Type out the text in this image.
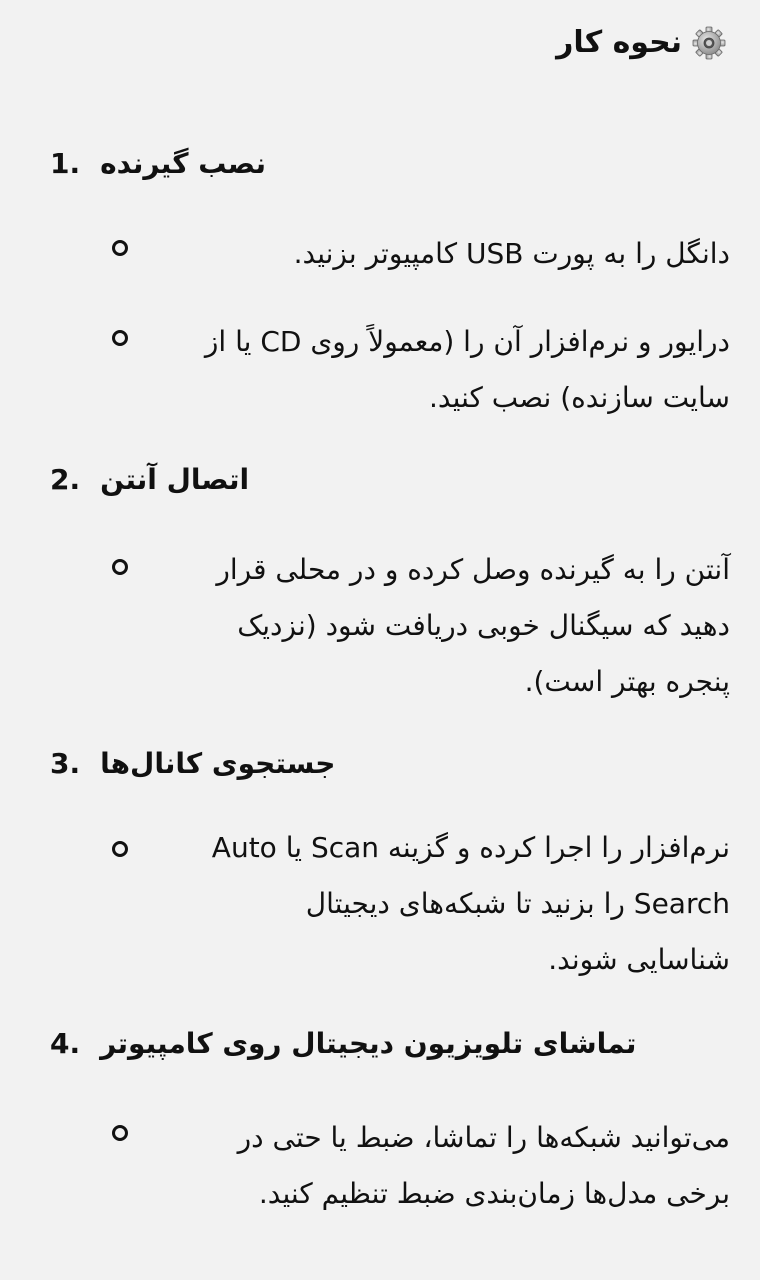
نحوه کار
1. نصب گیرنده
دانگل را به پورت USB کامپیوتر بزنید.
درایور و نرم‌افزار آن را (معمولاً روی CD یا از
سایت سازنده) نصب کنید.
2. اتصال آنتن
آنتن را به گیرنده وصل کرده و در محلی قرار
دهید که سیگنال خوبی دریافت شود (نزدیک
پنجره بهتر است).
3. جستجوی کانال‌ها
نرم‌افزار را اجرا کرده و گزینه Scan یا Auto
Search را بزنید تا شبکه‌های دیجیتال
شناسایی شوند.
4. تماشای تلویزیون دیجیتال روی کامپیوتر
می‌توانید شبکه‌ها را تماشا، ضبط یا حتی در
برخی مدل‌ها زمان‌بندی ضبط تنظیم کنید.
